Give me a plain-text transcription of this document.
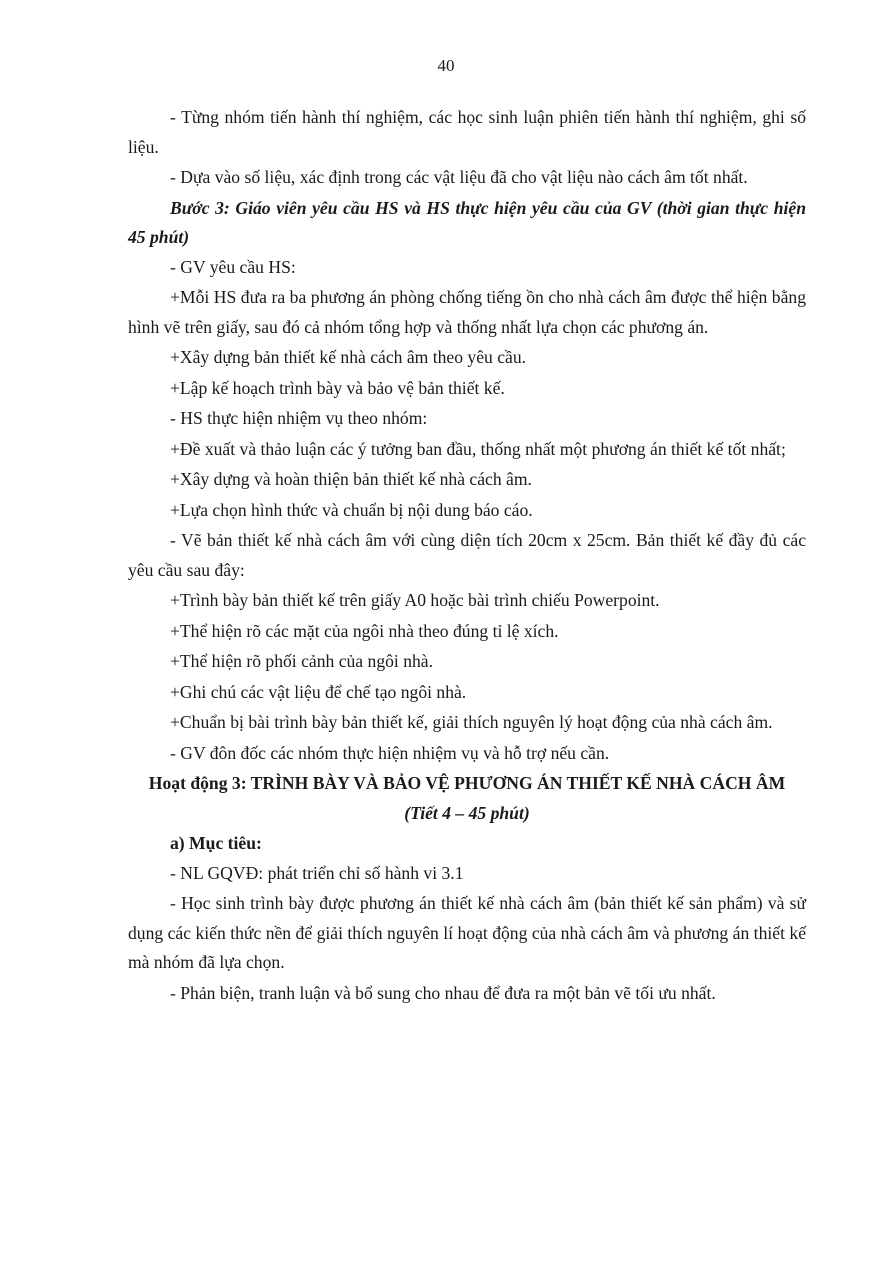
40

- Từng nhóm tiến hành thí nghiệm, các học sinh luận phiên tiến hành thí nghiệm, ghi số liệu.

- Dựa vào số liệu, xác định trong các vật liệu đã cho vật liệu nào cách âm tốt nhất.

Bước 3: Giáo viên yêu cầu HS và HS thực hiện yêu cầu của GV (thời gian thực hiện 45 phút)

- GV yêu cầu HS:

+Mỗi HS đưa ra ba phương án phòng chống tiếng ồn cho nhà cách âm được thể hiện bằng hình vẽ trên giấy, sau đó cả nhóm tổng hợp và thống nhất lựa chọn các phương án.

+Xây dựng bản thiết kế nhà cách âm theo yêu cầu.

+Lập kế hoạch trình bày và bảo vệ bản thiết kế.

- HS thực hiện nhiệm vụ theo nhóm:

+Đề xuất và thảo luận các ý tưởng ban đầu, thống nhất một phương án thiết kế tốt nhất;

+Xây dựng và hoàn thiện bản thiết kế nhà cách âm.

+Lựa chọn hình thức và chuẩn bị nội dung báo cáo.

- Vẽ bản thiết kế nhà cách âm với cùng diện tích 20cm x 25cm. Bản thiết kế đầy đủ các yêu cầu sau đây:

+Trình bày bản thiết kế trên giấy A0 hoặc bài trình chiếu Powerpoint.

+Thể hiện rõ các mặt của ngôi nhà theo đúng tỉ lệ xích.

+Thể hiện rõ phối cảnh của ngôi nhà.

+Ghi chú các vật liệu để chế tạo ngôi nhà.

+Chuẩn bị bài trình bày bản thiết kế, giải thích nguyên lý hoạt động của nhà cách âm.

- GV đôn đốc các nhóm thực hiện nhiệm vụ và hỗ trợ nếu cần.

Hoạt động 3: TRÌNH BÀY VÀ BẢO VỆ PHƯƠNG ÁN THIẾT KẾ NHÀ CÁCH ÂM
(Tiết 4 – 45 phút)

a) Mục tiêu:

- NL GQVĐ: phát triển chỉ số hành vi 3.1

- Học sinh trình bày được phương án thiết kế nhà cách âm (bản thiết kế sản phẩm) và sử dụng các kiến thức nền để giải thích nguyên lí hoạt động của nhà cách âm và phương án thiết kế mà nhóm đã lựa chọn.

- Phản biện, tranh luận và bổ sung cho nhau để đưa ra một bản vẽ tối ưu nhất.
